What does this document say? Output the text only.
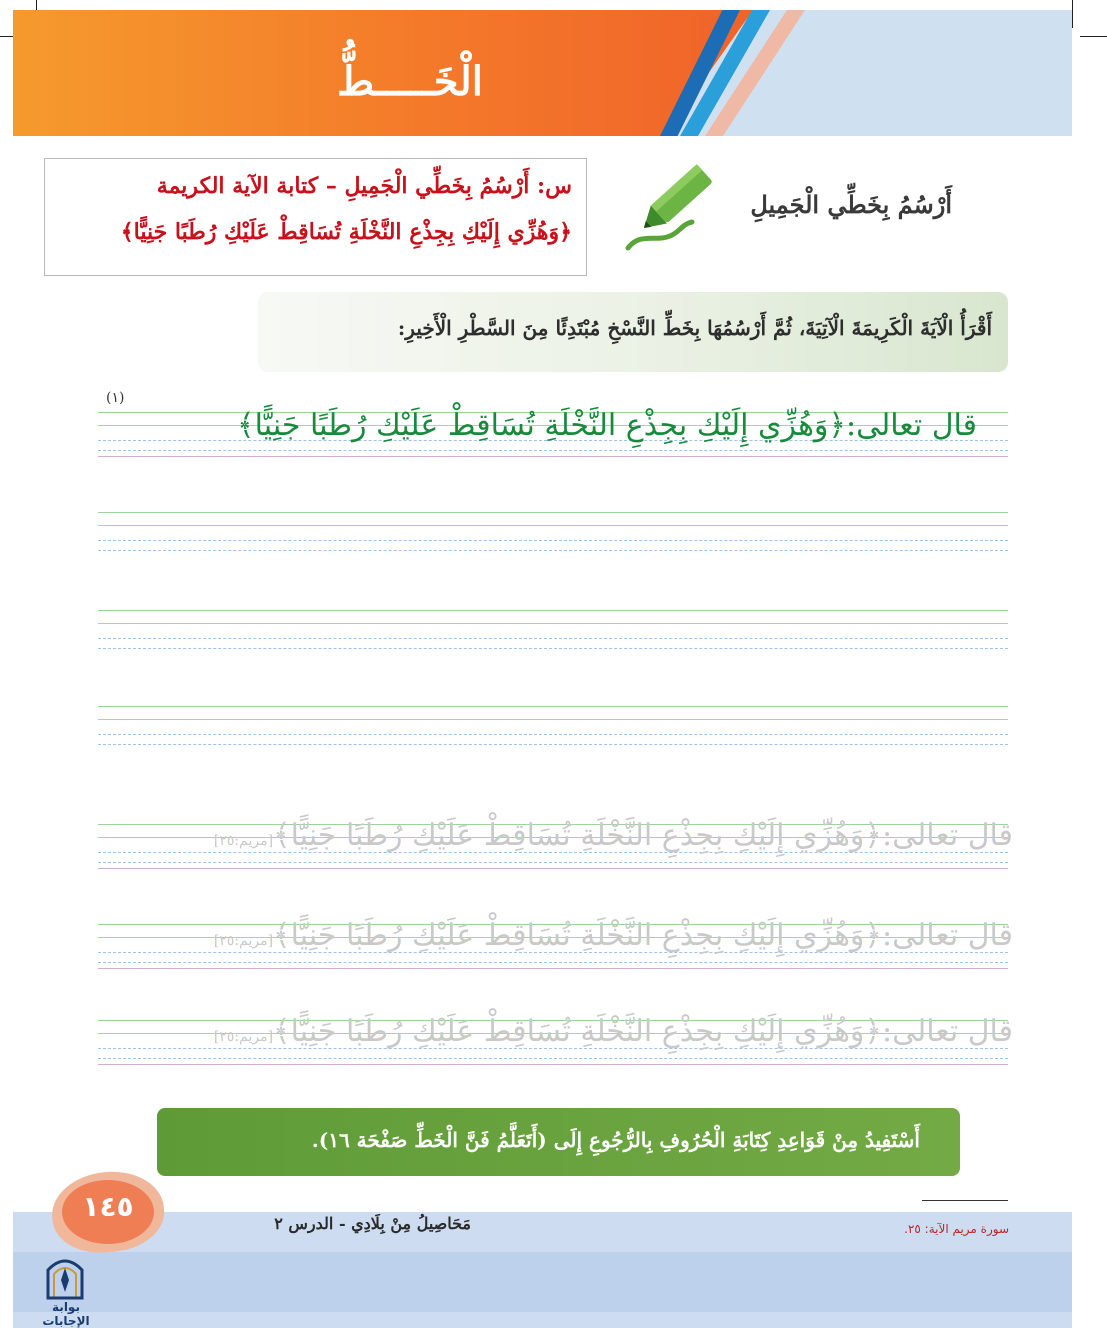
الْخَـــــطُّ
س: أَرْسُمُ بِخَطِّي الْجَمِيلِ – كتابة الآية الكريمة
﴿وَهُزِّي إِلَيْكِ بِجِذْعِ النَّخْلَةِ تُسَاقِطْ عَلَيْكِ رُطَبًا جَنِيًّا﴾
أَرْسُمُ بِخَطِّي الْجَمِيلِ
أَقْرَأُ الْآيَةَ الْكَرِيمَةَ الْآتِيَةَ، ثُمَّ أَرْسُمُهَا بِخَطِّ النَّسْخِ مُبْتَدِئًا مِنَ السَّطْرِ الْأَخِيرِ:
(١)
قال تعالى:﴿وَهُزِّي إِلَيْكِ بِجِذْعِ النَّخْلَةِ تُسَاقِطْ عَلَيْكِ رُطَبًا جَنِيًّا﴾
قال تعالى:﴿وَهُزِّي إِلَيْكِ بِجِذْعِ النَّخْلَةِ تُسَاقِطْ عَلَيْكِ رُطَبًا جَنِيًّا﴾[مريم:٢٥]
قال تعالى:﴿وَهُزِّي إِلَيْكِ بِجِذْعِ النَّخْلَةِ تُسَاقِطْ عَلَيْكِ رُطَبًا جَنِيًّا﴾[مريم:٢٥]
قال تعالى:﴿وَهُزِّي إِلَيْكِ بِجِذْعِ النَّخْلَةِ تُسَاقِطْ عَلَيْكِ رُطَبًا جَنِيًّا﴾[مريم:٢٥]
أَسْتَفِيدُ مِنْ قَوَاعِدِ كِتَابَةِ الْحُرُوفِ بِالرُّجُوعِ إِلَى (أَتَعَلَّمُ فَنَّ الْخَطِّ صَفْحَة ١٦).
١٤٥
مَحَاصِيلُ مِنْ بِلَادِي - الدرس ٢	سورة مريم الآية: ٢٥.
بوابة الإجابات
